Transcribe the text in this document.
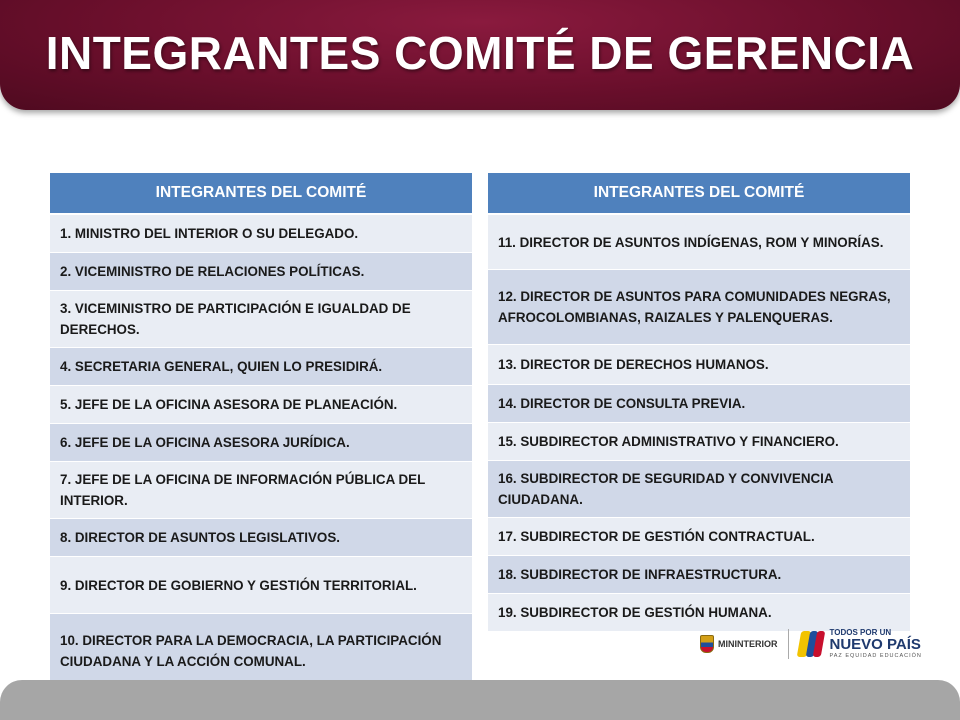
INTEGRANTES COMITÉ DE GERENCIA
INTEGRANTES DEL COMITÉ
1. MINISTRO DEL INTERIOR O SU DELEGADO.
2. VICEMINISTRO DE RELACIONES POLÍTICAS.
3. VICEMINISTRO DE PARTICIPACIÓN E IGUALDAD DE DERECHOS.
4. SECRETARIA GENERAL, QUIEN LO PRESIDIRÁ.
5. JEFE DE LA OFICINA ASESORA DE PLANEACIÓN.
6. JEFE DE LA OFICINA ASESORA JURÍDICA.
7. JEFE DE LA OFICINA DE INFORMACIÓN PÚBLICA DEL INTERIOR.
8. DIRECTOR DE ASUNTOS LEGISLATIVOS.
9. DIRECTOR DE GOBIERNO Y GESTIÓN TERRITORIAL.
10. DIRECTOR PARA LA DEMOCRACIA, LA PARTICIPACIÓN CIUDADANA Y LA ACCIÓN COMUNAL.
INTEGRANTES DEL COMITÉ
11. DIRECTOR DE ASUNTOS INDÍGENAS, ROM Y MINORÍAS.
12. DIRECTOR DE ASUNTOS PARA COMUNIDADES NEGRAS, AFROCOLOMBIANAS, RAIZALES Y PALENQUERAS.
13. DIRECTOR DE DERECHOS HUMANOS.
14. DIRECTOR DE CONSULTA PREVIA.
15. SUBDIRECTOR ADMINISTRATIVO Y FINANCIERO.
16. SUBDIRECTOR DE SEGURIDAD Y CONVIVENCIA CIUDADANA.
17. SUBDIRECTOR DE GESTIÓN CONTRACTUAL.
18. SUBDIRECTOR DE INFRAESTRUCTURA.
19. SUBDIRECTOR DE GESTIÓN HUMANA.
MININTERIOR
TODOS POR UN
NUEVO PAÍS
PAZ EQUIDAD EDUCACIÓN
